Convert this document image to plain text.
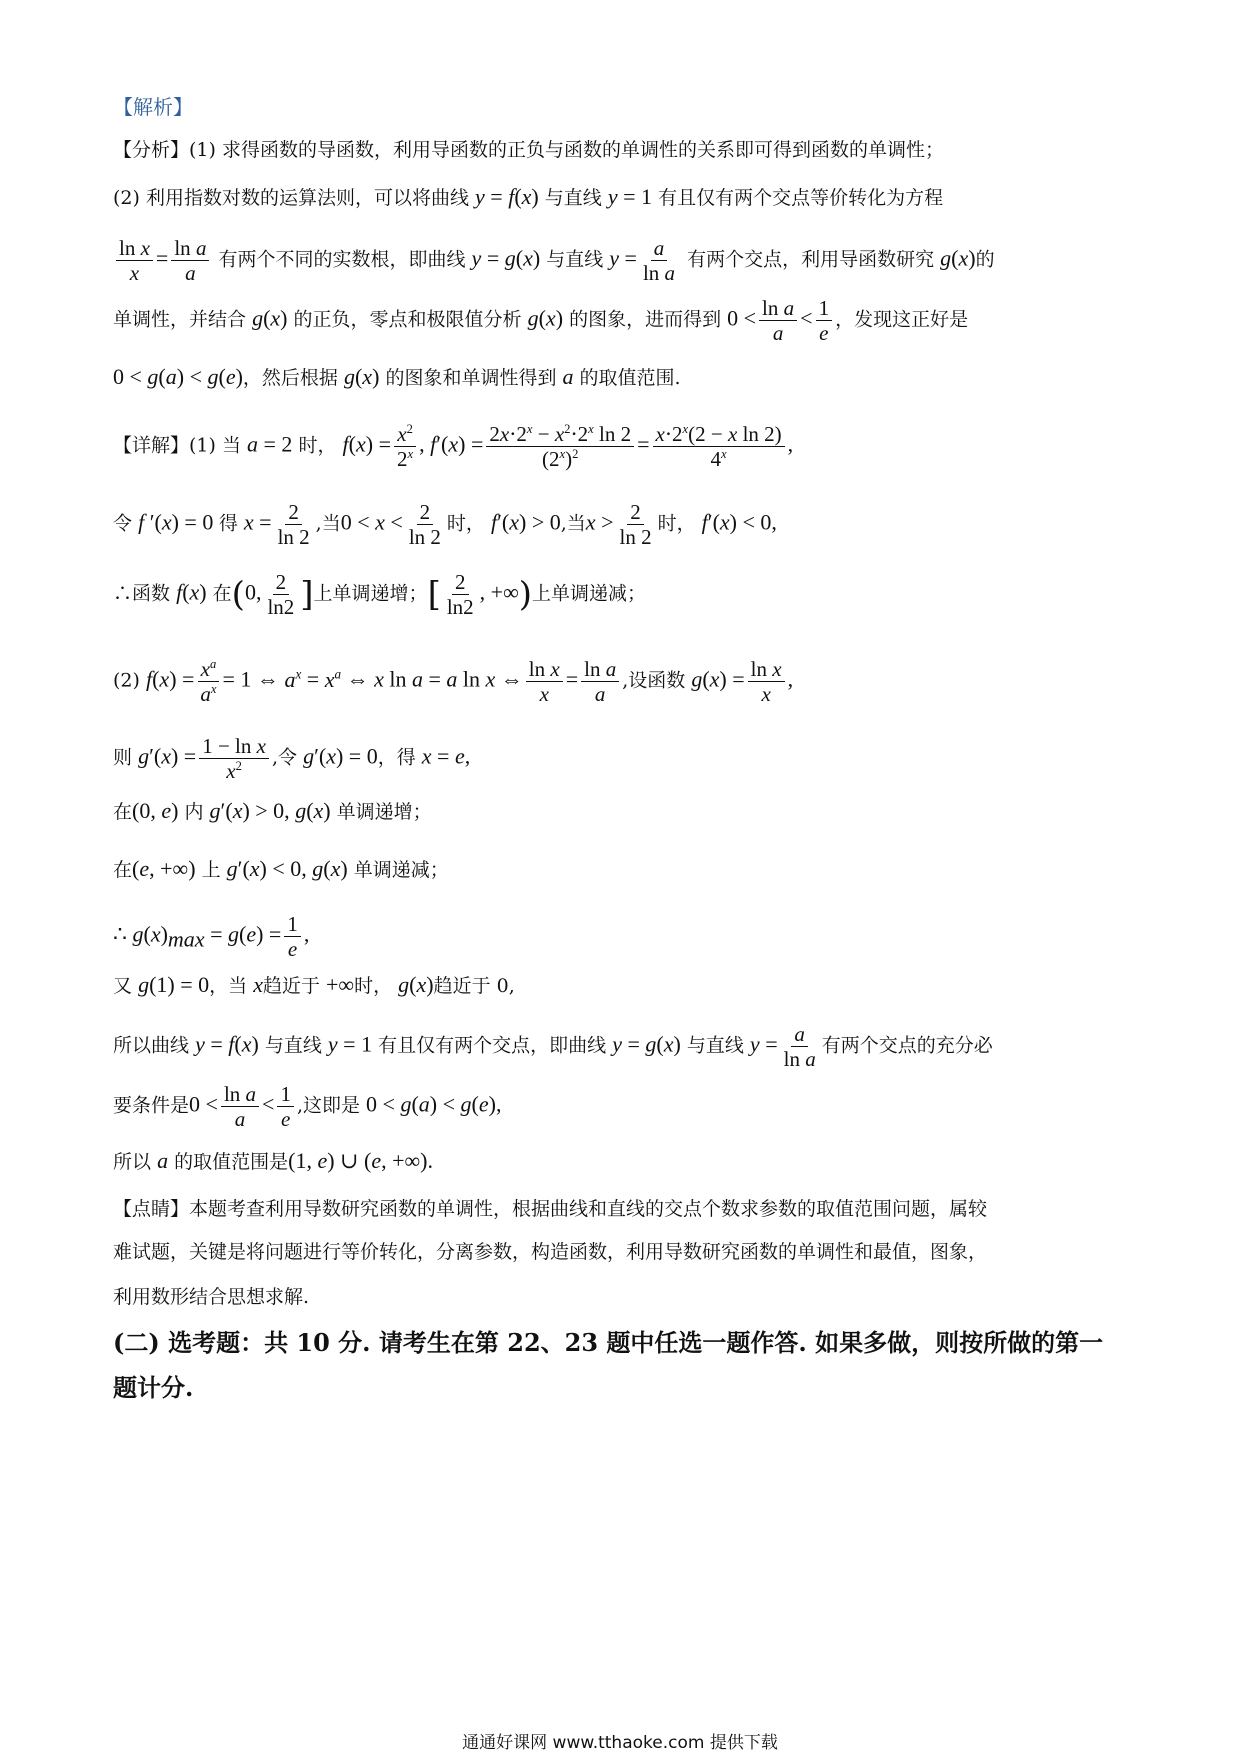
【解析】
【分析】(1) 求得函数的导函数，利用导函数的正负与函数的单调性的关系即可得到函数的单调性；
(2) 利用指数对数的运算法则，可以将曲线 y = f(x) 与直线 y = 1 有且仅有两个交点等价转化为方程
$\frac{\text{ln x}}{x} = \frac{\text{ln a}}{a}$ 有两个不同的实数根，即曲线 y = g(x) 与直线 $y = \frac{a}{\text{ln a}}$ 有两个交点，利用导函数研究 g(x)的
单调性，并结合 g(x) 的正负，零点和极限值分析 g(x) 的图象，进而得到 $0 < \frac{\text{ln a}}{a} < \frac{1}{e}$ ，发现这正好是
0 < g(a) < g(e)，然后根据 g(x) 的图象和单调性得到 a 的取值范围.
【详解】(1) 当 a = 2 时， $f(x) = \frac{x^2}{2^x}$ , $f'(x) = \frac{2x\cdot 2^x - x^2\cdot 2^x \ln 2}{(2^x)^2} = \frac{x\cdot 2^x(2 - x \ln 2)}{4^x}$ ,
令 f ′(x) = 0 得 $x = \frac{2}{\ln 2}$ ,当$0 < x < \frac{2}{\ln 2}$ 时， f′(x) > 0,当$x > \frac{2}{\ln 2}$ 时， f′(x) < 0,
∴函数 f(x) 在(0, $\frac{2}{\ln 2}$ ]上单调递增；[ $\frac{2}{\ln 2}$ , +∞)上单调递减；
(2) $f(x) = \frac{x^a}{a^x} = 1$ ⇔ $a^x = x^a$ ⇔ x ln a = a ln x ⇔ $\frac{\text{ln x}}{x} = \frac{\text{ln a}}{a}$ ,设函数 $g(x) = \frac{\text{ln x}}{x}$ ,
则 $g'(x) = \frac{\text{1 − ln x}}{x^2}$ ,令 g′(x) = 0，得 x = e,
在(0, e) 内 g′(x) > 0, g(x) 单调递增；
在(e, +∞) 上 g′(x) < 0, g(x) 单调递减；
∴ $g(x)_{max} = g(e) = \frac{1}{e}$ ,
又 g(1) = 0，当 x趋近于 +∞时， g(x)趋近于 0,
所以曲线 y = f(x) 与直线 y = 1 有且仅有两个交点，即曲线 y = g(x) 与直线 $y = \frac{a}{\text{ln a}}$ 有两个交点的充分必
要条件是$0 < \frac{\text{ln a}}{a} < \frac{1}{e}$ ,这即是 0 < g(a) < g(e),
所以 a 的取值范围是(1, e) ∪ (e, +∞).
【点睛】本题考查利用导数研究函数的单调性，根据曲线和直线的交点个数求参数的取值范围问题，属较
难试题，关键是将问题进行等价转化，分离参数，构造函数，利用导数研究函数的单调性和最值，图象，
利用数形结合思想求解.
(二) 选考题：共 10 分. 请考生在第 22、23 题中任选一题作答. 如果多做，则按所做的第一
题计分.
通通好课网 www.tthaoke.com 提供下载
